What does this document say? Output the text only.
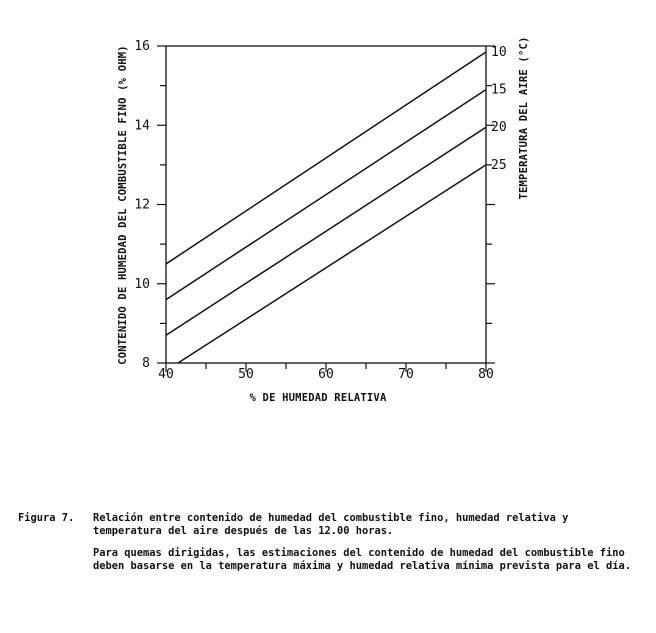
8
10
12
14
16
40	50	60	70	80
10
15
20
25
% DE HUMEDAD RELATIVA
CONTENIDO DE HUMEDAD DEL COMBUSTIBLE FINO (% OHM)	TEMPERATURA DEL AIRE (°C)
Figura 7.	Relación entre contenido de humedad del combustible fino, humedad relativa y temperatura del aire después de las 12.00 horas.
Para quemas dirigidas, las estimaciones del contenido de humedad del combustible fino deben basarse en la temperatura máxima y humedad relativa mínima prevista para el día.
